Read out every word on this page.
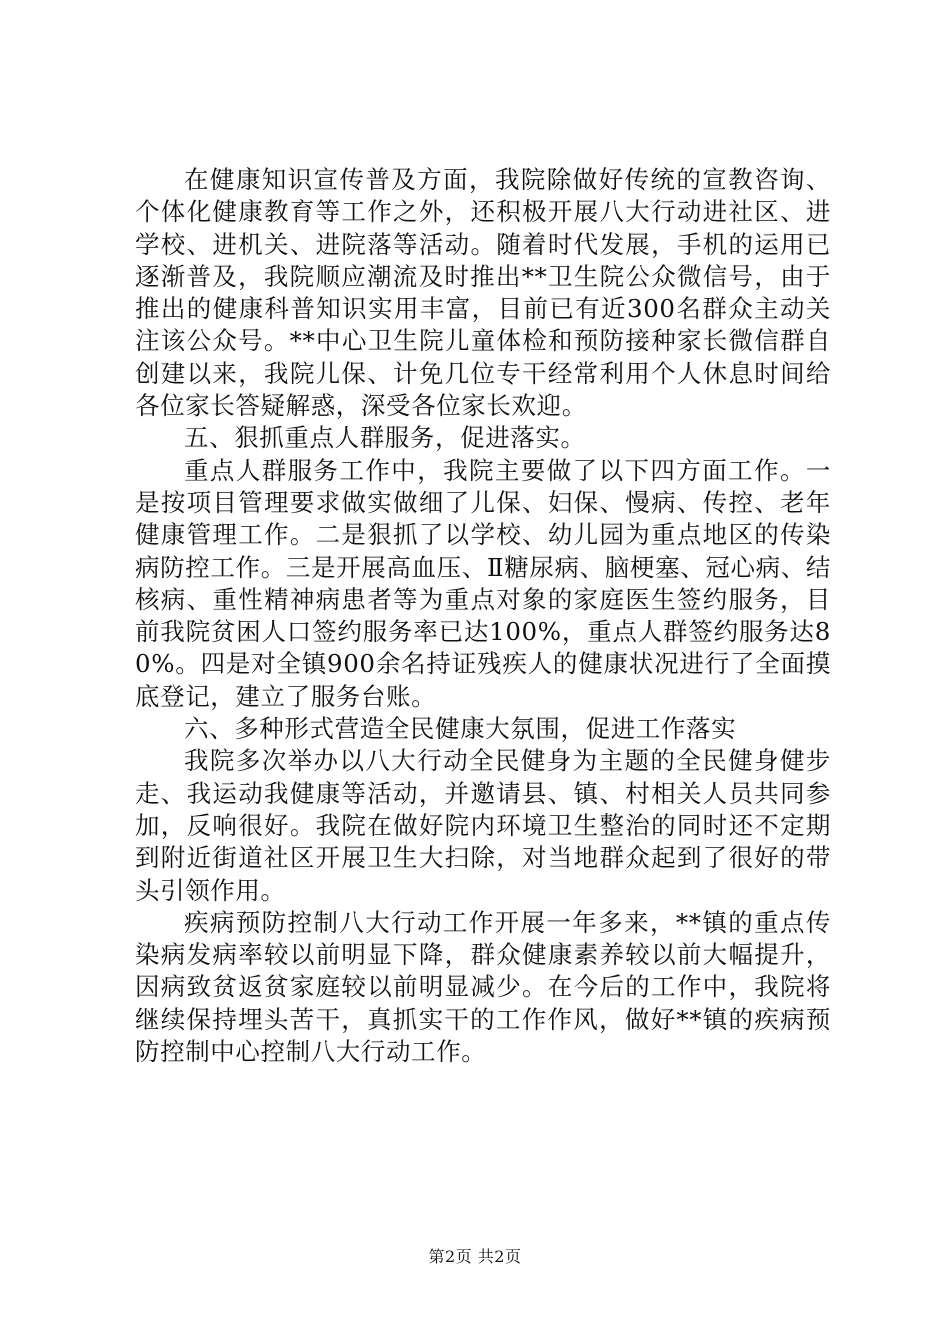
在健康知识宣传普及方面，我院除做好传统的宣教咨询、个体化健康教育等工作之外，还积极开展八大行动进社区、进学校、进机关、进院落等活动。随着时代发展，手机的运用已逐渐普及，我院顺应潮流及时推出**卫生院公众微信号，由于推出的健康科普知识实用丰富，目前已有近300名群众主动关注该公众号。**中心卫生院儿童体检和预防接种家长微信群自创建以来，我院儿保、计免几位专干经常利用个人休息时间给各位家长答疑解惑，深受各位家长欢迎。

五、狠抓重点人群服务，促进落实。

重点人群服务工作中，我院主要做了以下四方面工作。一是按项目管理要求做实做细了儿保、妇保、慢病、传控、老年健康管理工作。二是狠抓了以学校、幼儿园为重点地区的传染病防控工作。三是开展高血压、Ⅱ糖尿病、脑梗塞、冠心病、结核病、重性精神病患者等为重点对象的家庭医生签约服务，目前我院贫困人口签约服务率已达100%，重点人群签约服务达80%。四是对全镇900余名持证残疾人的健康状况进行了全面摸底登记，建立了服务台账。

六、多种形式营造全民健康大氛围，促进工作落实

我院多次举办以八大行动全民健身为主题的全民健身健步走、我运动我健康等活动，并邀请县、镇、村相关人员共同参加，反响很好。我院在做好院内环境卫生整治的同时还不定期到附近街道社区开展卫生大扫除，对当地群众起到了很好的带头引领作用。

疾病预防控制八大行动工作开展一年多来，**镇的重点传染病发病率较以前明显下降，群众健康素养较以前大幅提升，因病致贫返贫家庭较以前明显减少。在今后的工作中，我院将继续保持埋头苦干，真抓实干的工作作风，做好**镇的疾病预防控制中心控制八大行动工作。

第2页 共2页
